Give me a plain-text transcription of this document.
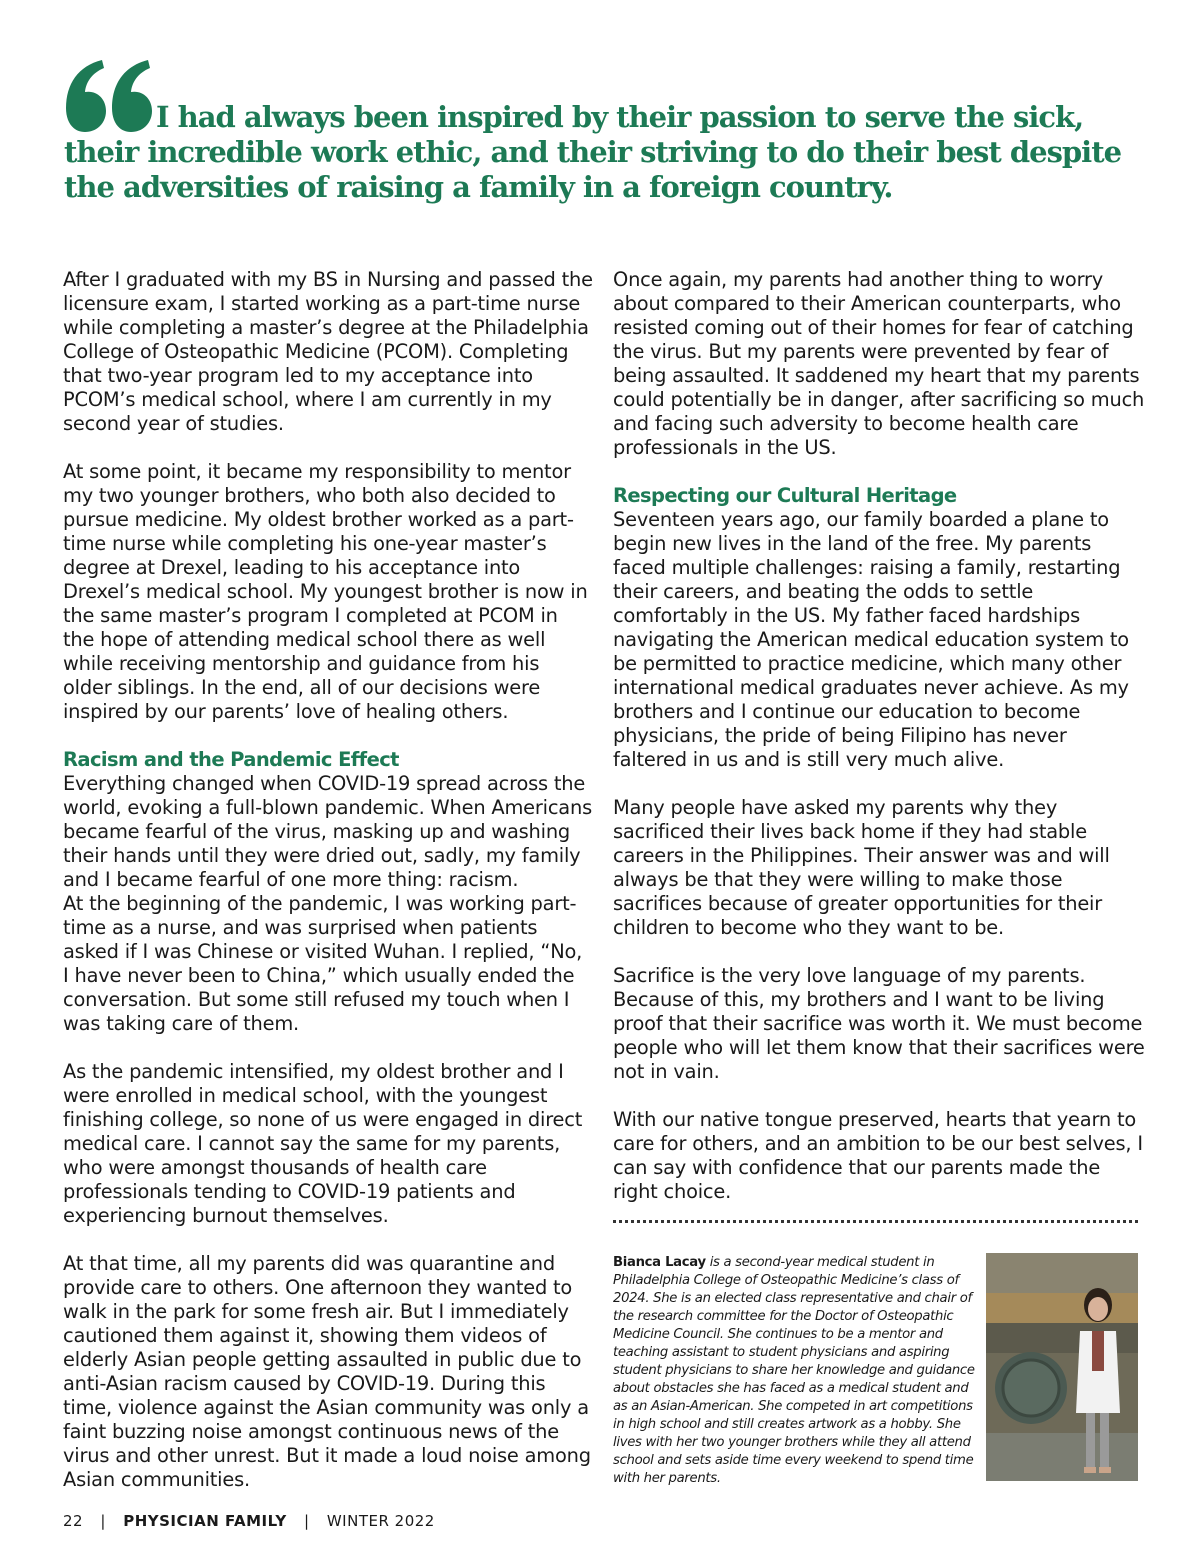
I had always been inspired by their passion to serve the sick, their incredible work ethic, and their striving to do their best despite the adversities of raising a family in a foreign country.

After I graduated with my BS in Nursing and passed the licensure exam, I started working as a part-time nurse while completing a master’s degree at the Philadelphia College of Osteopathic Medicine (PCOM). Completing that two-year program led to my acceptance into PCOM’s medical school, where I am currently in my second year of studies.

At some point, it became my responsibility to mentor my two younger brothers, who both also decided to pursue medicine. My oldest brother worked as a part-time nurse while completing his one-year master’s degree at Drexel, leading to his acceptance into Drexel’s medical school. My youngest brother is now in the same master’s program I completed at PCOM in the hope of attending medical school there as well while receiving mentorship and guidance from his older siblings. In the end, all of our decisions were inspired by our parents’ love of healing others.

Racism and the Pandemic Effect

Everything changed when COVID-19 spread across the world, evoking a full-blown pandemic. When Americans became fearful of the virus, masking up and washing their hands until they were dried out, sadly, my family and I became fearful of one more thing: racism.

At the beginning of the pandemic, I was working part-time as a nurse, and was surprised when patients asked if I was Chinese or visited Wuhan. I replied, “No, I have never been to China,” which usually ended the conversation. But some still refused my touch when I was taking care of them.

As the pandemic intensified, my oldest brother and I were enrolled in medical school, with the youngest finishing college, so none of us were engaged in direct medical care. I cannot say the same for my parents, who were amongst thousands of health care professionals tending to COVID-19 patients and experiencing burnout themselves.

At that time, all my parents did was quarantine and provide care to others. One afternoon they wanted to walk in the park for some fresh air. But I immediately cautioned them against it, showing them videos of elderly Asian people getting assaulted in public due to anti-Asian racism caused by COVID-19. During this time, violence against the Asian community was only a faint buzzing noise amongst continuous news of the virus and other unrest. But it made a loud noise among Asian communities.

Once again, my parents had another thing to worry about compared to their American counterparts, who resisted coming out of their homes for fear of catching the virus. But my parents were prevented by fear of being assaulted. It saddened my heart that my parents could potentially be in danger, after sacrificing so much and facing such adversity to become health care professionals in the US.

Respecting our Cultural Heritage

Seventeen years ago, our family boarded a plane to begin new lives in the land of the free. My parents faced multiple challenges: raising a family, restarting their careers, and beating the odds to settle comfortably in the US. My father faced hardships navigating the American medical education system to be permitted to practice medicine, which many other international medical graduates never achieve. As my brothers and I continue our education to become physicians, the pride of being Filipino has never faltered in us and is still very much alive.

Many people have asked my parents why they sacrificed their lives back home if they had stable careers in the Philippines. Their answer was and will always be that they were willing to make those sacrifices because of greater opportunities for their children to become who they want to be.

Sacrifice is the very love language of my parents. Because of this, my brothers and I want to be living proof that their sacrifice was worth it. We must become people who will let them know that their sacrifices were not in vain.

With our native tongue preserved, hearts that yearn to care for others, and an ambition to be our best selves, I can say with confidence that our parents made the right choice.

Bianca Lacay is a second-year medical student in Philadelphia College of Osteopathic Medicine’s class of 2024. She is an elected class representative and chair of the research committee for the Doctor of Osteopathic Medicine Council. She continues to be a mentor and teaching assistant to student physicians and aspiring student physicians to share her knowledge and guidance about obstacles she has faced as a medical student and as an Asian-American. She competed in art competitions in high school and still creates artwork as a hobby. She lives with her two younger brothers while they all attend school and sets aside time every weekend to spend time with her parents.
22 | PHYSICIAN FAMILY | WINTER 2022
